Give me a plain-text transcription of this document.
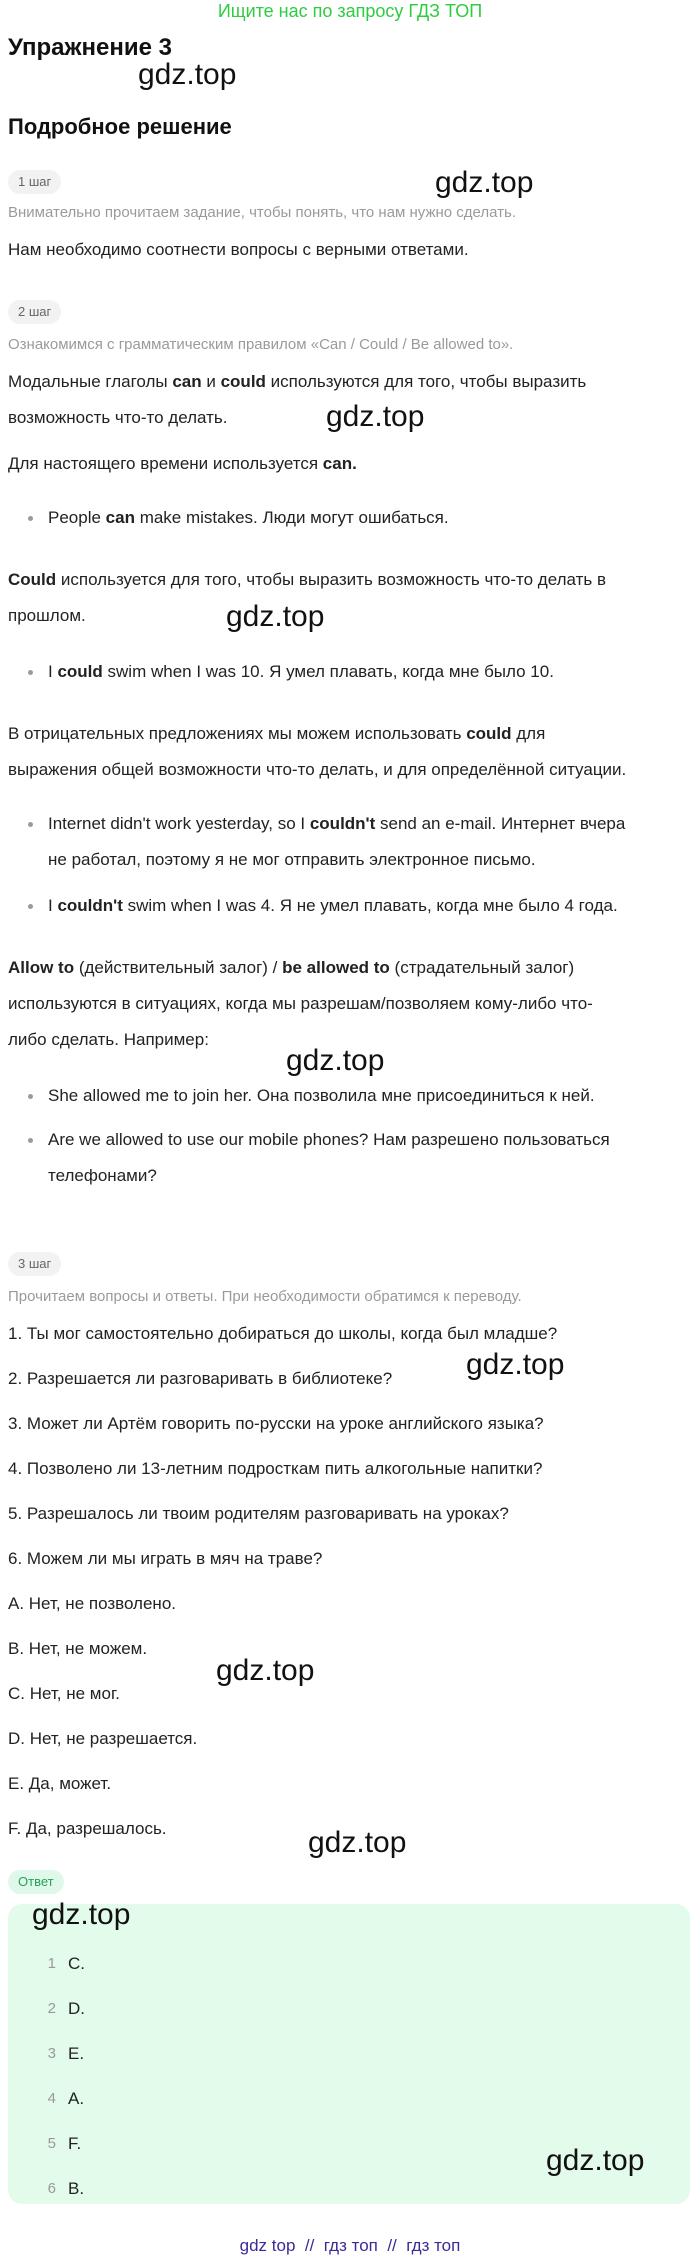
Ищите нас по запросу ГДЗ ТОП
Упражнение 3
gdz.top
Подробное решение
1 шаг	gdz.top
Внимательно прочитаем задание, чтобы понять, что нам нужно сделать.
Нам необходимо соотнести вопросы с верными ответами.
2 шаг
Ознакомимся с грамматическим правилом «Can / Could / Be allowed to».
Модальные глаголы can и could используются для того, чтобы выразить
возможность что-то делать.	gdz.top
Для настоящего времени используется can.
People can make mistakes. Люди могут ошибаться.
Could используется для того, чтобы выразить возможность что-то делать в
прошлом.	gdz.top
I could swim when I was 10. Я умел плавать, когда мне было 10.
В отрицательных предложениях мы можем использовать could для
выражения общей возможности что-то делать, и для определённой ситуации.
Internet didn't work yesterday, so I couldn't send an e-mail. Интернет вчера
не работал, поэтому я не мог отправить электронное письмо.
I couldn't swim when I was 4. Я не умел плавать, когда мне было 4 года.
Allow to (действительный залог) / be allowed to (страдательный залог)
используются в ситуациях, когда мы разрешам/позволяем кому-либо что-
либо сделать. Например:
gdz.top
She allowed me to join her. Она позволила мне присоединиться к ней.
Are we allowed to use our mobile phones? Нам разрешено пользоваться
телефонами?
3 шаг
Прочитаем вопросы и ответы. При необходимости обратимся к переводу.
1. Ты мог самостоятельно добираться до школы, когда был младше?
2. Разрешается ли разговаривать в библиотеке?	gdz.top
3. Может ли Артём говорить по-русски на уроке английского языка?
4. Позволено ли 13-летним подросткам пить алкогольные напитки?
5. Разрешалось ли твоим родителям разговаривать на уроках?
6. Можем ли мы играть в мяч на траве?
A. Нет, не позволено.
B. Нет, не можем.
C. Нет, не мог.
gdz.top
D. Нет, не разрешается.
E. Да, может.
F. Да, разрешалось.	gdz.top
Ответ
gdz.top
1 C.
2 D.
3 E.
4 A.
5 F.
6 B.
gdz.top
gdz top  //  гдз топ  //  гдз топ
